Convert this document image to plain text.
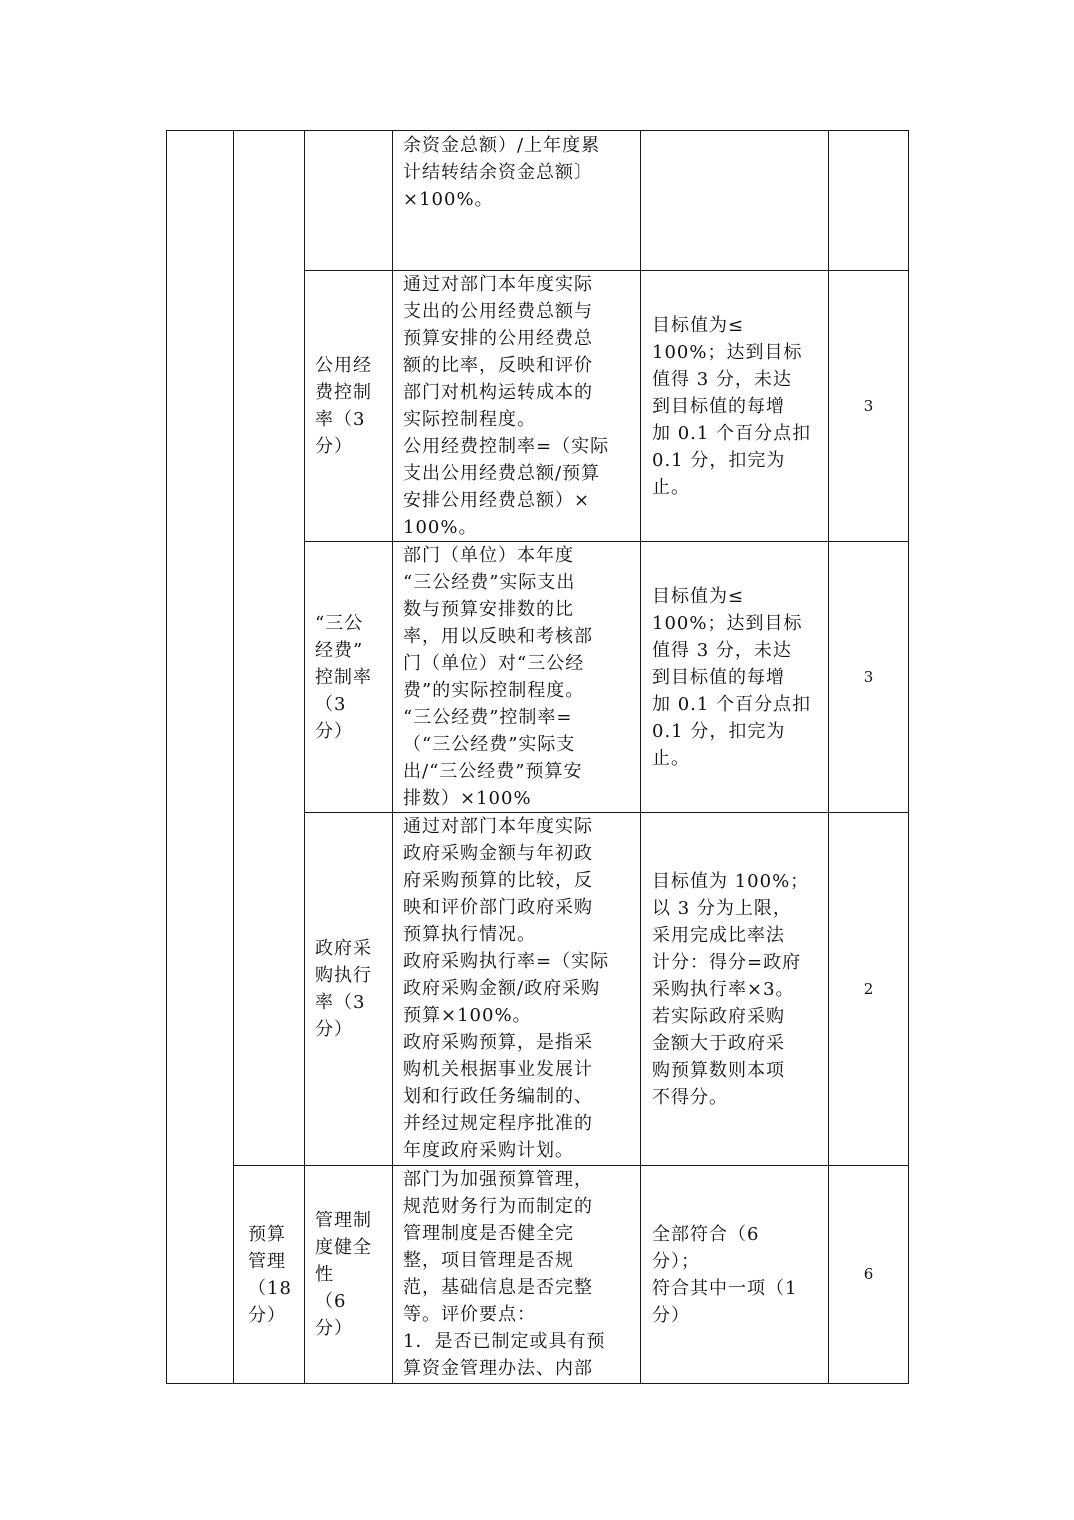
余资金总额）/上年度累
计结转结余资金总额〕
×100%。
公用经
费控制
率（3
分）
通过对部门本年度实际
支出的公用经费总额与
预算安排的公用经费总
额的比率，反映和评价
部门对机构运转成本的
实际控制程度。
公用经费控制率=（实际
支出公用经费总额/预算
安排公用经费总额）×
100%。
目标值为≤
100%；达到目标
值得 3 分，未达
到目标值的每增
加 0.1 个百分点扣
0.1 分，扣完为
止。
3
“三公
经费”
控制率
（3
分）
部门（单位）本年度
“三公经费”实际支出
数与预算安排数的比
率，用以反映和考核部
门（单位）对“三公经
费”的实际控制程度。
“三公经费”控制率=
（“三公经费”实际支
出/“三公经费”预算安
排数）×100%
目标值为≤
100%；达到目标
值得 3 分，未达
到目标值的每增
加 0.1 个百分点扣
0.1 分，扣完为
止。
3
政府采
购执行
率（3
分）
通过对部门本年度实际
政府采购金额与年初政
府采购预算的比较，反
映和评价部门政府采购
预算执行情况。
政府采购执行率=（实际
政府采购金额/政府采购
预算×100%。
政府采购预算，是指采
购机关根据事业发展计
划和行政任务编制的、
并经过规定程序批准的
年度政府采购计划。
目标值为 100%；
以 3 分为上限，
采用完成比率法
计分：得分=政府
采购执行率×3。
若实际政府采购
金额大于政府采
购预算数则本项
不得分。
2
预算
管理
（18
分）
管理制
度健全
性
（6
分）
部门为加强预算管理，
规范财务行为而制定的
管理制度是否健全完
整，项目管理是否规
范，基础信息是否完整
等。评价要点：
1．是否已制定或具有预
算资金管理办法、内部
全部符合（6
分）；
符合其中一项（1
分）
6
